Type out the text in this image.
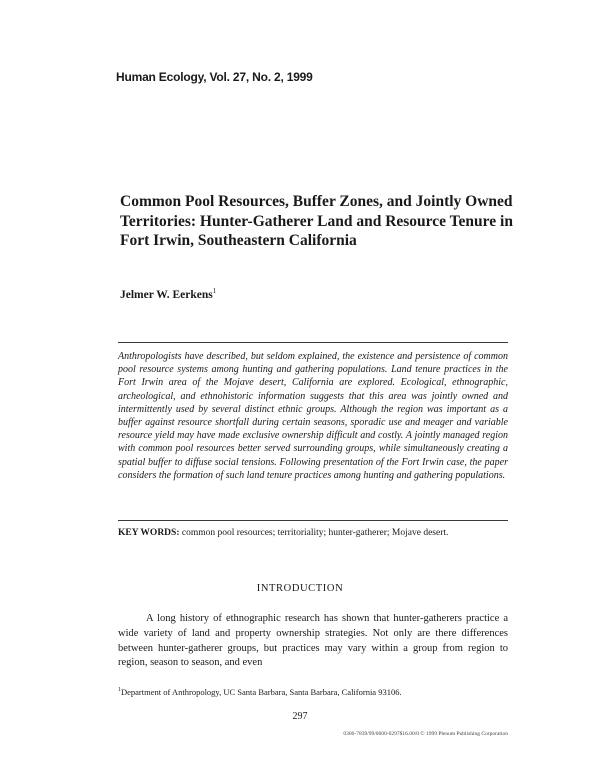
Human Ecology, Vol. 27, No. 2, 1999
Common Pool Resources, Buffer Zones, and Jointly Owned Territories: Hunter-Gatherer Land and Resource Tenure in Fort Irwin, Southeastern California
Jelmer W. Eerkens$^1$

Anthropologists have described, but seldom explained, the existence and persistence of common pool resource systems among hunting and gathering populations. Land tenure practices in the Fort Irwin area of the Mojave desert, California are explored. Ecological, ethnographic, archeological, and ethnohistoric information suggests that this area was jointly owned and intermittently used by several distinct ethnic groups. Although the region was important as a buffer against resource shortfall during certain seasons, sporadic use and meager and variable resource yield may have made exclusive ownership difficult and costly. A jointly managed region with common pool resources better served surrounding groups, while simultaneously creating a spatial buffer to diffuse social tensions. Following presentation of the Fort Irwin case, the paper considers the formation of such land tenure practices among hunting and gathering populations.

KEY WORDS: common pool resources; territoriality; hunter-gatherer; Mojave desert.
INTRODUCTION

A long history of ethnographic research has shown that hunter-gatherers practice a wide variety of land and property ownership strategies. Not only are there differences between hunter-gatherer groups, but practices may vary within a group from region to region, season to season, and even

$^1$Department of Anthropology, UC Santa Barbara, Santa Barbara, California 93106.
297
0300-7839/99/0600-0297$16.00/0 © 1999 Plenum Publishing Corporation
